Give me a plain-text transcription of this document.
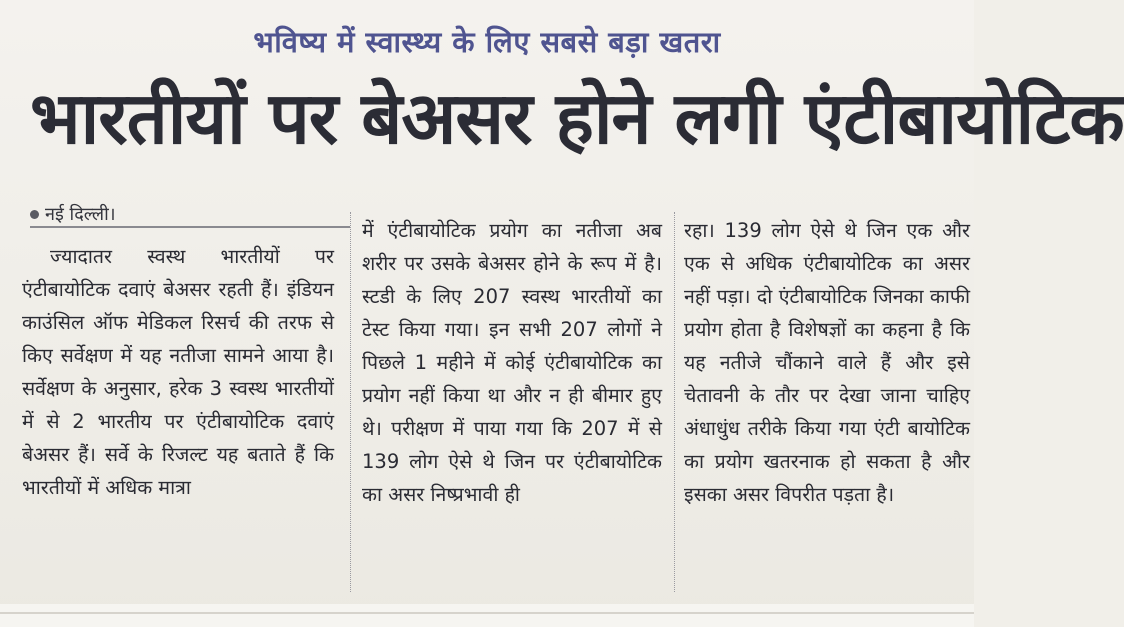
भविष्य में स्वास्थ्य के लिए सबसे बड़ा खतरा
भारतीयों पर बेअसर होने लगी एंटीबायोटिक
नई दिल्ली।
ज्यादातर स्वस्थ भारतीयों पर एंटीबायोटिक दवाएं बेअसर रहती हैं। इंडियन काउंसिल ऑफ मेडिकल रिसर्च की तरफ से किए सर्वेक्षण में यह नतीजा सामने आया है। सर्वेक्षण के अनुसार, हरेक 3 स्वस्थ भारतीयों में से 2 भारतीय पर एंटीबायोटिक दवाएं बेअसर हैं। सर्वे के रिजल्ट यह बताते हैं कि भारतीयों में अधिक मात्रा
में एंटीबायोटिक प्रयोग का नतीजा अब शरीर पर उसके बेअसर होने के रूप में है। स्टडी के लिए 207 स्वस्थ भारतीयों का टेस्ट किया गया। इन सभी 207 लोगों ने पिछले 1 महीने में कोई एंटीबायोटिक का प्रयोग नहीं किया था और न ही बीमार हुए थे। परीक्षण में पाया गया कि 207 में से 139 लोग ऐसे थे जिन पर एंटीबायोटिक का असर निष्प्रभावी ही
रहा। 139 लोग ऐसे थे जिन एक और एक से अधिक एंटीबायोटिक का असर नहीं पड़ा। दो एंटीबायोटिक जिनका काफी प्रयोग होता है विशेषज्ञों का कहना है कि यह नतीजे चौंकाने वाले हैं और इसे चेतावनी के तौर पर देखा जाना चाहिए अंधाधुंध तरीके किया गया एंटी बायोटिक का प्रयोग खतरनाक हो सकता है और इसका असर विपरीत पड़ता है।
